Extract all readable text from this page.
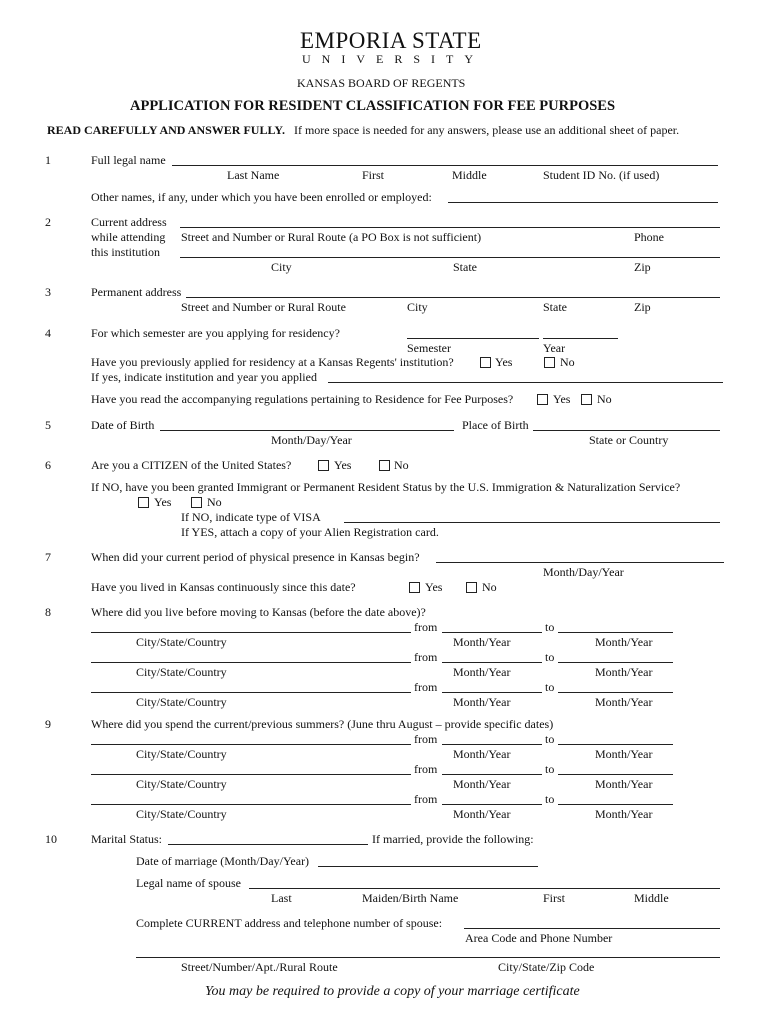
EMPORIA STATE
UNIVERSITY
KANSAS BOARD OF REGENTS
APPLICATION FOR RESIDENT CLASSIFICATION FOR FEE PURPOSES
READ CAREFULLY AND ANSWER FULLY. If more space is needed for any answers, please use an additional sheet of paper.
1	Full legal name
Last Name	First	Middle	Student ID No. (if used)
Other names, if any, under which you have been enrolled or employed:
2	Current address
while attending
this institution
Street and Number or Rural Route (a PO Box is not sufficient)	Phone
City	State	Zip
3	Permanent address
Street and Number or Rural Route	City	State	Zip
4	For which semester are you applying for residency?
Semester	Year
Have you previously applied for residency at a Kansas Regents' institution?	Yes	No
If yes, indicate institution and year you applied
Have you read the accompanying regulations pertaining to Residence for Fee Purposes?	Yes No
5	Date of Birth	Place of Birth
Month/Day/Year	State or Country
6	Are you a CITIZEN of the United States?	Yes	No
If NO, have you been granted Immigrant or Permanent Resident Status by the U.S. Immigration & Naturalization Service?
Yes	No
If NO, indicate type of VISA
If YES, attach a copy of your Alien Registration card.
7	When did your current period of physical presence in Kansas begin?
Month/Day/Year
Have you lived in Kansas continuously since this date?	Yes	No
8	Where did you live before moving to Kansas (before the date above)?
from	to
City/State/Country	Month/Year	Month/Year
from	to
City/State/Country	Month/Year	Month/Year
from	to
City/State/Country	Month/Year	Month/Year
9	Where did you spend the current/previous summers? (June thru August – provide specific dates)
from	to
City/State/Country	Month/Year	Month/Year
from	to
City/State/Country	Month/Year	Month/Year
from	to
City/State/Country	Month/Year	Month/Year
10	Marital Status:	If married, provide the following:
Date of marriage (Month/Day/Year)
Legal name of spouse
Last	Maiden/Birth Name	First	Middle
Complete CURRENT address and telephone number of spouse:
Area Code and Phone Number
Street/Number/Apt./Rural Route	City/State/Zip Code
You may be required to provide a copy of your marriage certificate
